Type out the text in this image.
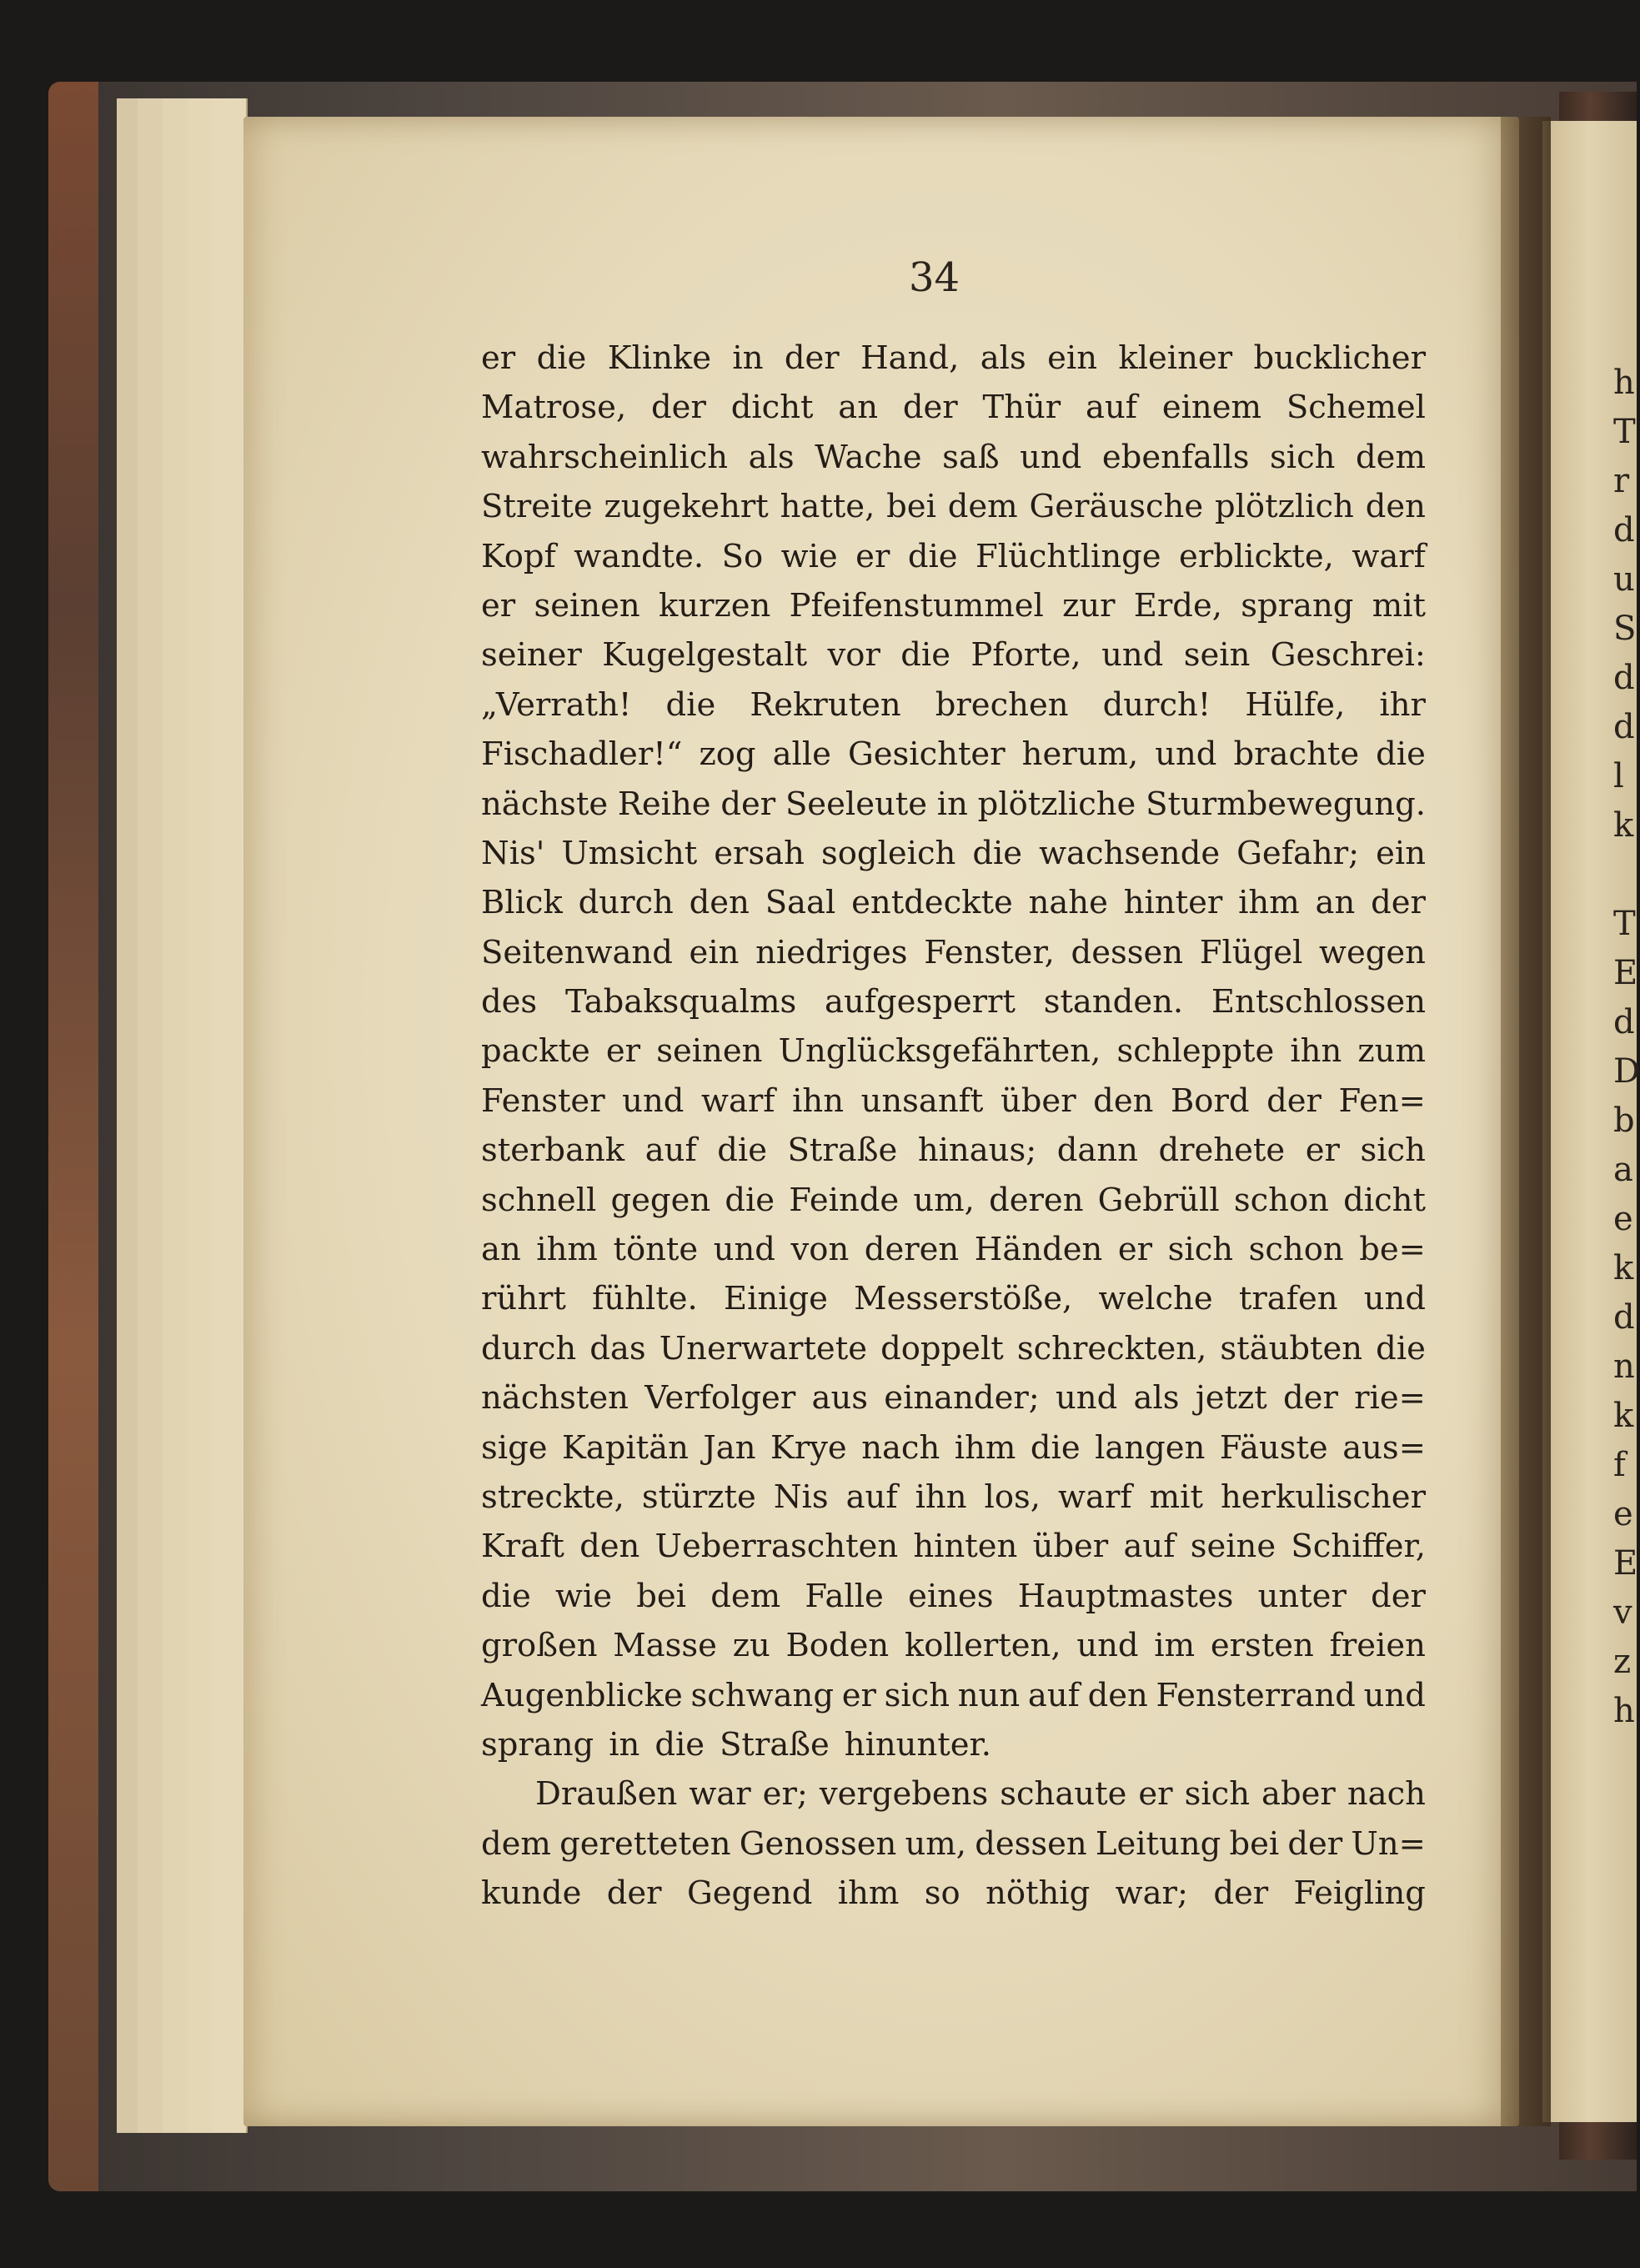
h
T
r
d
u
S
d
d
l
k

T
E
d
D
b
a
e
k
d
n
k
f
e
E
v
z
h
34
er die Klinke in der Hand, als ein kleiner bucklicher
Matrose, der dicht an der Thür auf einem Schemel
wahrscheinlich als Wache saß und ebenfalls sich dem
Streite zugekehrt hatte, bei dem Geräusche plötzlich den
Kopf wandte. So wie er die Flüchtlinge erblickte, warf
er seinen kurzen Pfeifenstummel zur Erde, sprang mit
seiner Kugelgestalt vor die Pforte, und sein Geschrei:
„Verrath! die Rekruten brechen durch! Hülfe, ihr
Fischadler!“ zog alle Gesichter herum, und brachte die
nächste Reihe der Seeleute in plötzliche Sturmbewegung.
Nis' Umsicht ersah sogleich die wachsende Gefahr; ein
Blick durch den Saal entdeckte nahe hinter ihm an der
Seitenwand ein niedriges Fenster, dessen Flügel wegen
des Tabaksqualms aufgesperrt standen. Entschlossen
packte er seinen Unglücksgefährten, schleppte ihn zum
Fenster und warf ihn unsanft über den Bord der Fen=
sterbank auf die Straße hinaus; dann drehete er sich
schnell gegen die Feinde um, deren Gebrüll schon dicht
an ihm tönte und von deren Händen er sich schon be=
rührt fühlte. Einige Messerstöße, welche trafen und
durch das Unerwartete doppelt schreckten, stäubten die
nächsten Verfolger aus einander; und als jetzt der rie=
sige Kapitän Jan Krye nach ihm die langen Fäuste aus=
streckte, stürzte Nis auf ihn los, warf mit herkulischer
Kraft den Ueberraschten hinten über auf seine Schiffer,
die wie bei dem Falle eines Hauptmastes unter der
großen Masse zu Boden kollerten, und im ersten freien
Augenblicke schwang er sich nun auf den Fensterrand und
sprang in die Straße hinunter.
Draußen war er; vergebens schaute er sich aber nach
dem geretteten Genossen um, dessen Leitung bei der Un=
kunde der Gegend ihm so nöthig war; der Feigling
